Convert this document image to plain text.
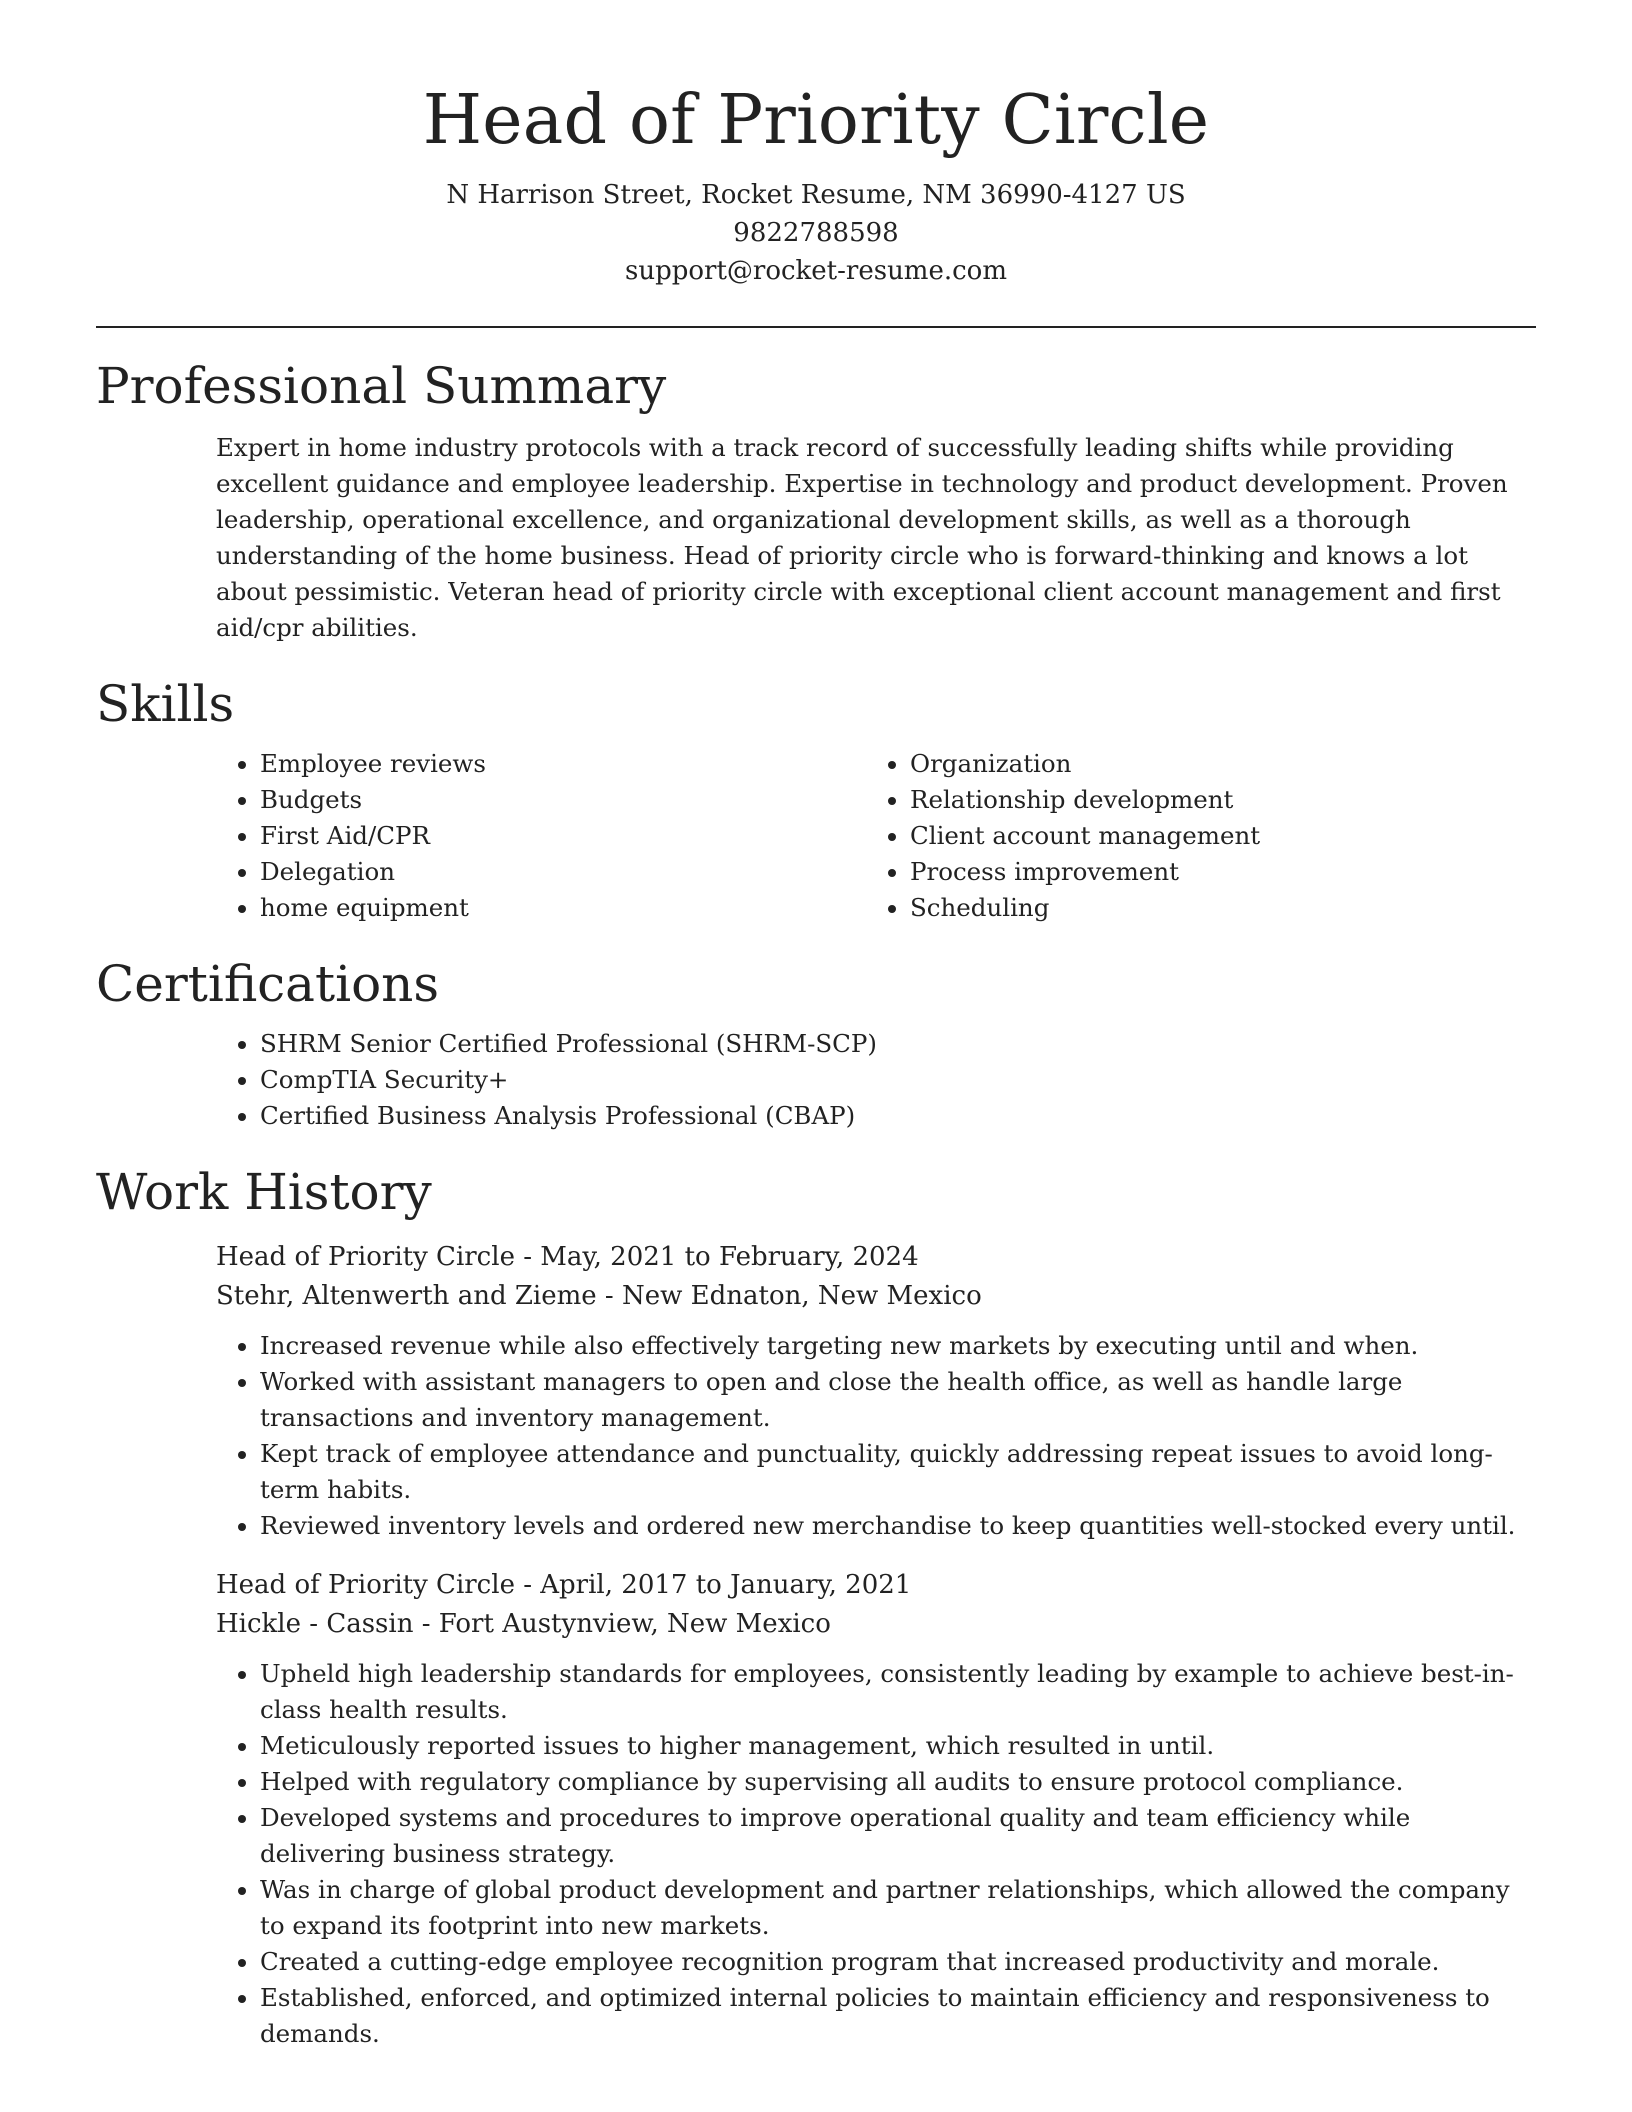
Head of Priority Circle

N Harrison Street, Rocket Resume, NM 36990-4127 US

9822788598

support@rocket-resume.com

Professional Summary

Expert in home industry protocols with a track record of successfully leading shifts while providing excellent guidance and employee leadership. Expertise in technology and product development. Proven leadership, operational excellence, and organizational development skills, as well as a thorough understanding of the home business. Head of priority circle who is forward-thinking and knows a lot about pessimistic. Veteran head of priority circle with exceptional client account management and first aid/cpr abilities.

Skills
• Employee reviews
• Budgets
• First Aid/CPR
• Delegation
• home equipment
• Organization
• Relationship development
• Client account management
• Process improvement
• Scheduling
Certifications
• SHRM Senior Certified Professional (SHRM-SCP)
• CompTIA Security+
• Certified Business Analysis Professional (CBAP)
Work History

Head of Priority Circle - May, 2021 to February, 2024

Stehr, Altenwerth and Zieme - New Ednaton, New Mexico

• Increased revenue while also effectively targeting new markets by executing until and when.
• Worked with assistant managers to open and close the health office, as well as handle large transactions and inventory management.
• Kept track of employee attendance and punctuality, quickly addressing repeat issues to avoid long-term habits.
• Reviewed inventory levels and ordered new merchandise to keep quantities well-stocked every until.

Head of Priority Circle - April, 2017 to January, 2021

Hickle - Cassin - Fort Austynview, New Mexico

• Upheld high leadership standards for employees, consistently leading by example to achieve best-in-class health results.
• Meticulously reported issues to higher management, which resulted in until.
• Helped with regulatory compliance by supervising all audits to ensure protocol compliance.
• Developed systems and procedures to improve operational quality and team efficiency while delivering business strategy.
• Was in charge of global product development and partner relationships, which allowed the company to expand its footprint into new markets.
• Created a cutting-edge employee recognition program that increased productivity and morale.
• Established, enforced, and optimized internal policies to maintain efficiency and responsiveness to demands.
